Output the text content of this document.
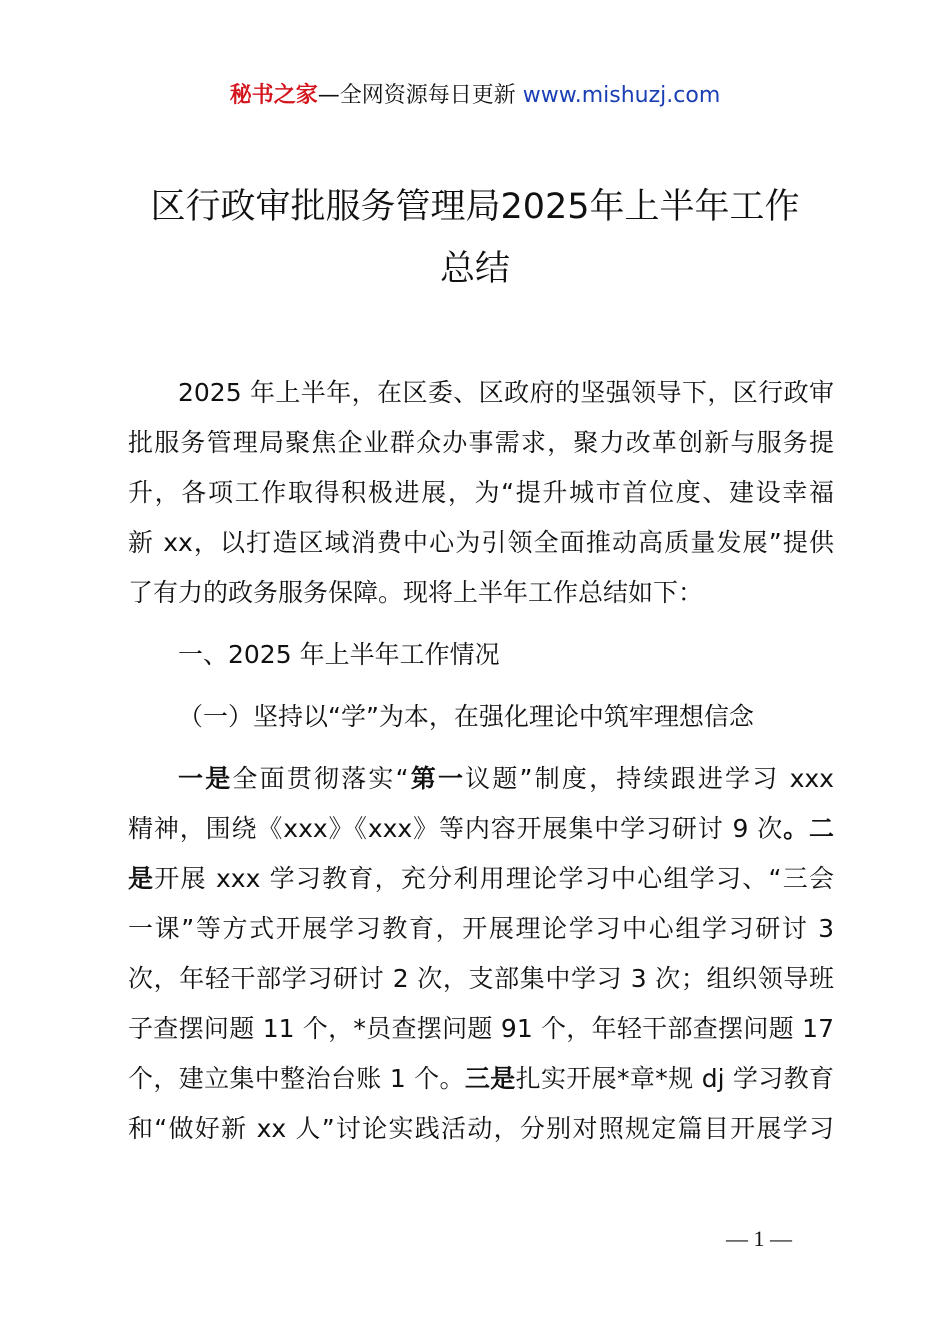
秘书之家—全网资源每日更新 www.mishuzj.com
区行政审批服务管理局2025年上半年工作
总结
2025 年上半年，在区委、区政府的坚强领导下，区行政审
批服务管理局聚焦企业群众办事需求，聚力改革创新与服务提
升，各项工作取得积极进展，为“提升城市首位度、建设幸福
新 xx，以打造区域消费中心为引领全面推动高质量发展”提供
了有力的政务服务保障。现将上半年工作总结如下：
一、2025 年上半年工作情况
（一）坚持以“学”为本，在强化理论中筑牢理想信念
一是全面贯彻落实“第一议题”制度，持续跟进学习 xxx
精神，围绕《xxx》《xxx》等内容开展集中学习研讨 9 次。二
是开展 xxx 学习教育，充分利用理论学习中心组学习、“三会
一课”等方式开展学习教育，开展理论学习中心组学习研讨 3
次，年轻干部学习研讨 2 次，支部集中学习 3 次；组织领导班
子查摆问题 11 个，*员查摆问题 91 个，年轻干部查摆问题 17
个，建立集中整治台账 1 个。三是扎实开展*章*规 dj 学习教育
和“做好新 xx 人”讨论实践活动，分别对照规定篇目开展学习
— 1 —
